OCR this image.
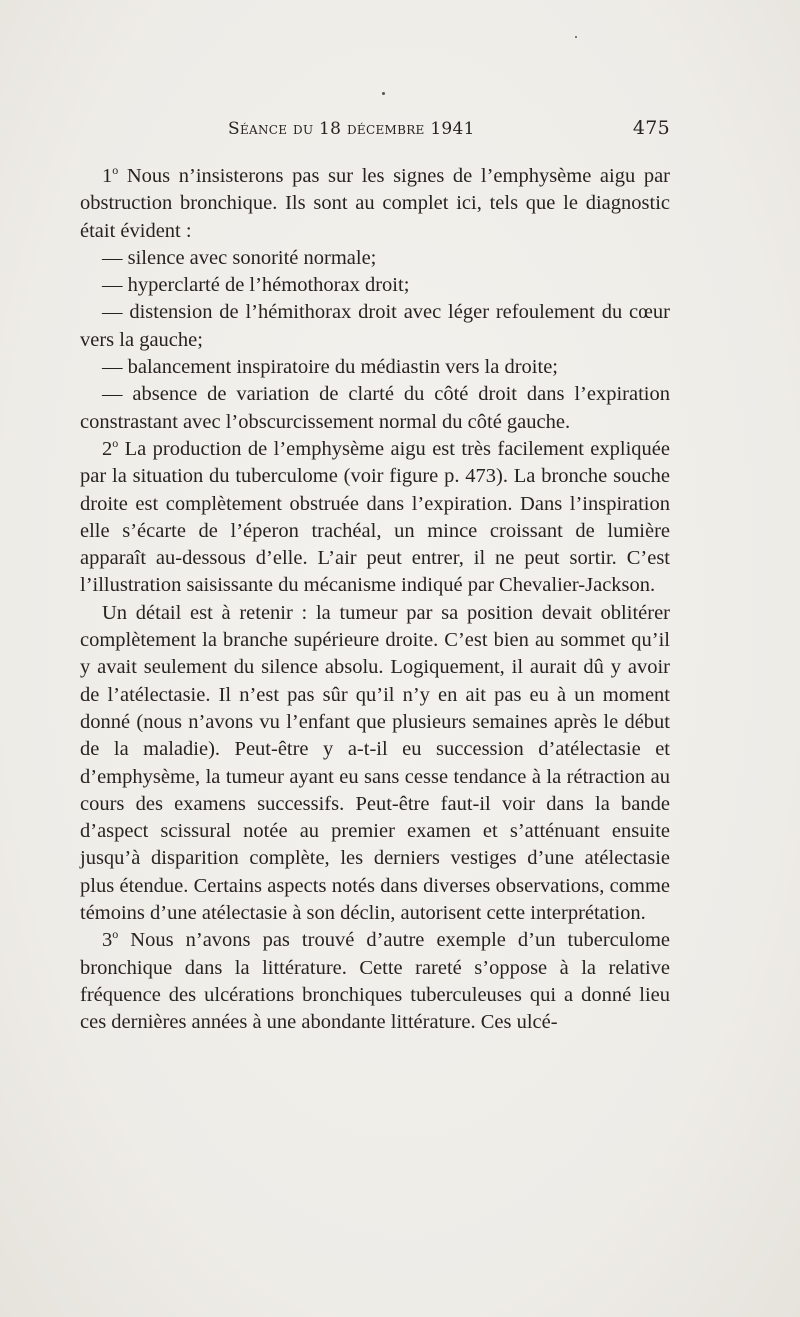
Séance du 18 décembre 1941	475

1$^o$ Nous n’insisterons pas sur les signes de l’emphysème aigu par obstruction bronchique. Ils sont au complet ici, tels que le diagnostic était évident :

— silence avec sonorité normale;

— hyperclarté de l’hémothorax droit;

— distension de l’hémithorax droit avec léger refoulement du cœur vers la gauche;

— balancement inspiratoire du médiastin vers la droite;

— absence de variation de clarté du côté droit dans l’expiration constrastant avec l’obscurcissement normal du côté gauche.

2$^o$ La production de l’emphysème aigu est très facilement expliquée par la situation du tuberculome (voir figure p. 473). La bronche souche droite est complètement obstruée dans l’expiration. Dans l’inspiration elle s’écarte de l’éperon trachéal, un mince croissant de lumière apparaît au-dessous d’elle. L’air peut entrer, il ne peut sortir. C’est l’illustration saisissante du mécanisme indiqué par Chevalier-Jackson.

Un détail est à retenir : la tumeur par sa position devait oblitérer complètement la branche supérieure droite. C’est bien au sommet qu’il y avait seulement du silence absolu. Logiquement, il aurait dû y avoir de l’atélectasie. Il n’est pas sûr qu’il n’y en ait pas eu à un moment donné (nous n’avons vu l’enfant que plusieurs semaines après le début de la maladie). Peut-être y a-t-il eu succession d’atélectasie et d’emphysème, la tumeur ayant eu sans cesse tendance à la rétraction au cours des examens successifs. Peut-être faut-il voir dans la bande d’aspect scissural notée au premier examen et s’atténuant ensuite jusqu’à disparition complète, les derniers vestiges d’une atélectasie plus étendue. Certains aspects notés dans diverses observations, comme témoins d’une atélectasie à son déclin, autorisent cette interprétation.

3$^o$ Nous n’avons pas trouvé d’autre exemple d’un tuberculome bronchique dans la littérature. Cette rareté s’oppose à la relative fréquence des ulcérations bronchiques tuberculeuses qui a donné lieu ces dernières années à une abondante littérature. Ces ulcé-
